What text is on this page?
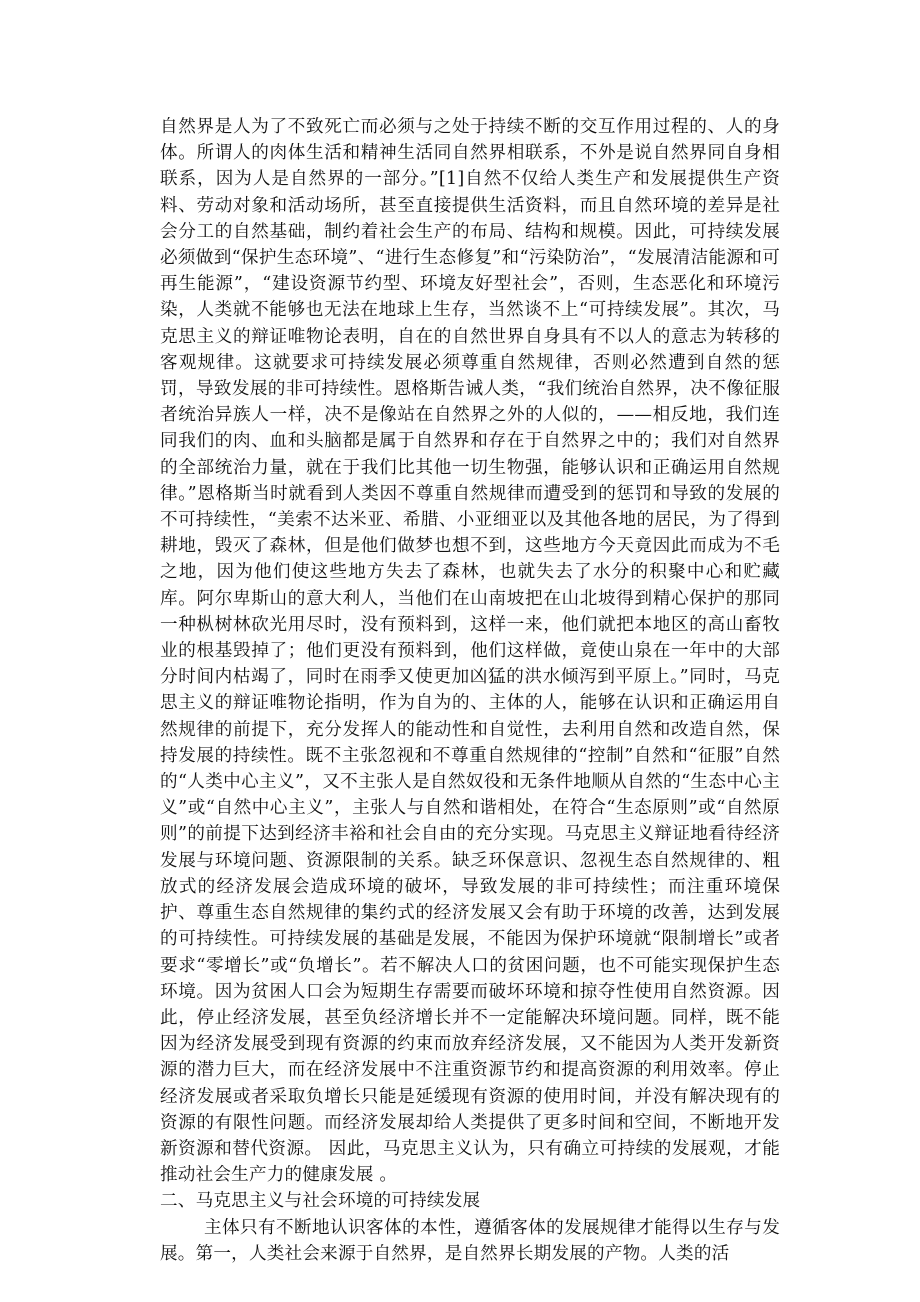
自然界是人为了不致死亡而必须与之处于持续不断的交互作用过程的、人的身体。所谓人的肉体生活和精神生活同自然界相联系，不外是说自然界同自身相联系，因为人是自然界的一部分。”[1]自然不仅给人类生产和发展提供生产资料、劳动对象和活动场所，甚至直接提供生活资料，而且自然环境的差异是社会分工的自然基础，制约着社会生产的布局、结构和规模。因此，可持续发展必须做到“保护生态环境”、“进行生态修复”和“污染防治”，“发展清洁能源和可再生能源”，“建设资源节约型、环境友好型社会”，否则，生态恶化和环境污染，人类就不能够也无法在地球上生存，当然谈不上“可持续发展”。其次，马克思主义的辩证唯物论表明，自在的自然世界自身具有不以人的意志为转移的客观规律。这就要求可持续发展必须尊重自然规律，否则必然遭到自然的惩罚，导致发展的非可持续性。恩格斯告诫人类，“我们统治自然界，决不像征服者统治异族人一样，决不是像站在自然界之外的人似的，——相反地，我们连同我们的肉、血和头脑都是属于自然界和存在于自然界之中的；我们对自然界的全部统治力量，就在于我们比其他一切生物强，能够认识和正确运用自然规律。”恩格斯当时就看到人类因不尊重自然规律而遭受到的惩罚和导致的发展的不可持续性，“美索不达米亚、希腊、小亚细亚以及其他各地的居民，为了得到耕地，毁灭了森林，但是他们做梦也想不到，这些地方今天竟因此而成为不毛之地，因为他们使这些地方失去了森林，也就失去了水分的积聚中心和贮藏库。阿尔卑斯山的意大利人，当他们在山南坡把在山北坡得到精心保护的那同一种枞树林砍光用尽时，没有预料到，这样一来，他们就把本地区的高山畜牧业的根基毁掉了；他们更没有预料到，他们这样做，竟使山泉在一年中的大部分时间内枯竭了，同时在雨季又使更加凶猛的洪水倾泻到平原上。”同时，马克思主义的辩证唯物论指明，作为自为的、主体的人，能够在认识和正确运用自然规律的前提下，充分发挥人的能动性和自觉性，去利用自然和改造自然，保持发展的持续性。既不主张忽视和不尊重自然规律的“控制”自然和“征服”自然的“人类中心主义”，又不主张人是自然奴役和无条件地顺从自然的“生态中心主义”或“自然中心主义”，主张人与自然和谐相处，在符合“生态原则”或“自然原则”的前提下达到经济丰裕和社会自由的充分实现。马克思主义辩证地看待经济发展与环境问题、资源限制的关系。缺乏环保意识、忽视生态自然规律的、粗放式的经济发展会造成环境的破坏，导致发展的非可持续性；而注重环境保护、尊重生态自然规律的集约式的经济发展又会有助于环境的改善，达到发展的可持续性。可持续发展的基础是发展，不能因为保护环境就“限制增长”或者要求“零增长”或“负增长”。若不解决人口的贫困问题，也不可能实现保护生态环境。因为贫困人口会为短期生存需要而破坏环境和掠夺性使用自然资源。因此，停止经济发展，甚至负经济增长并不一定能解决环境问题。同样，既不能因为经济发展受到现有资源的约束而放弃经济发展，又不能因为人类开发新资源的潜力巨大，而在经济发展中不注重资源节约和提高资源的利用效率。停止经济发展或者采取负增长只能是延缓现有资源的使用时间，并没有解决现有的资源的有限性问题。而经济发展却给人类提供了更多时间和空间，不断地开发新资源和替代资源。 因此，马克思主义认为，只有确立可持续的发展观，才能推动社会生产力的健康发展 。

二、马克思主义与社会环境的可持续发展

主体只有不断地认识客体的本性，遵循客体的发展规律才能得以生存与发展。第一，人类社会来源于自然界，是自然界长期发展的产物。人类的活
